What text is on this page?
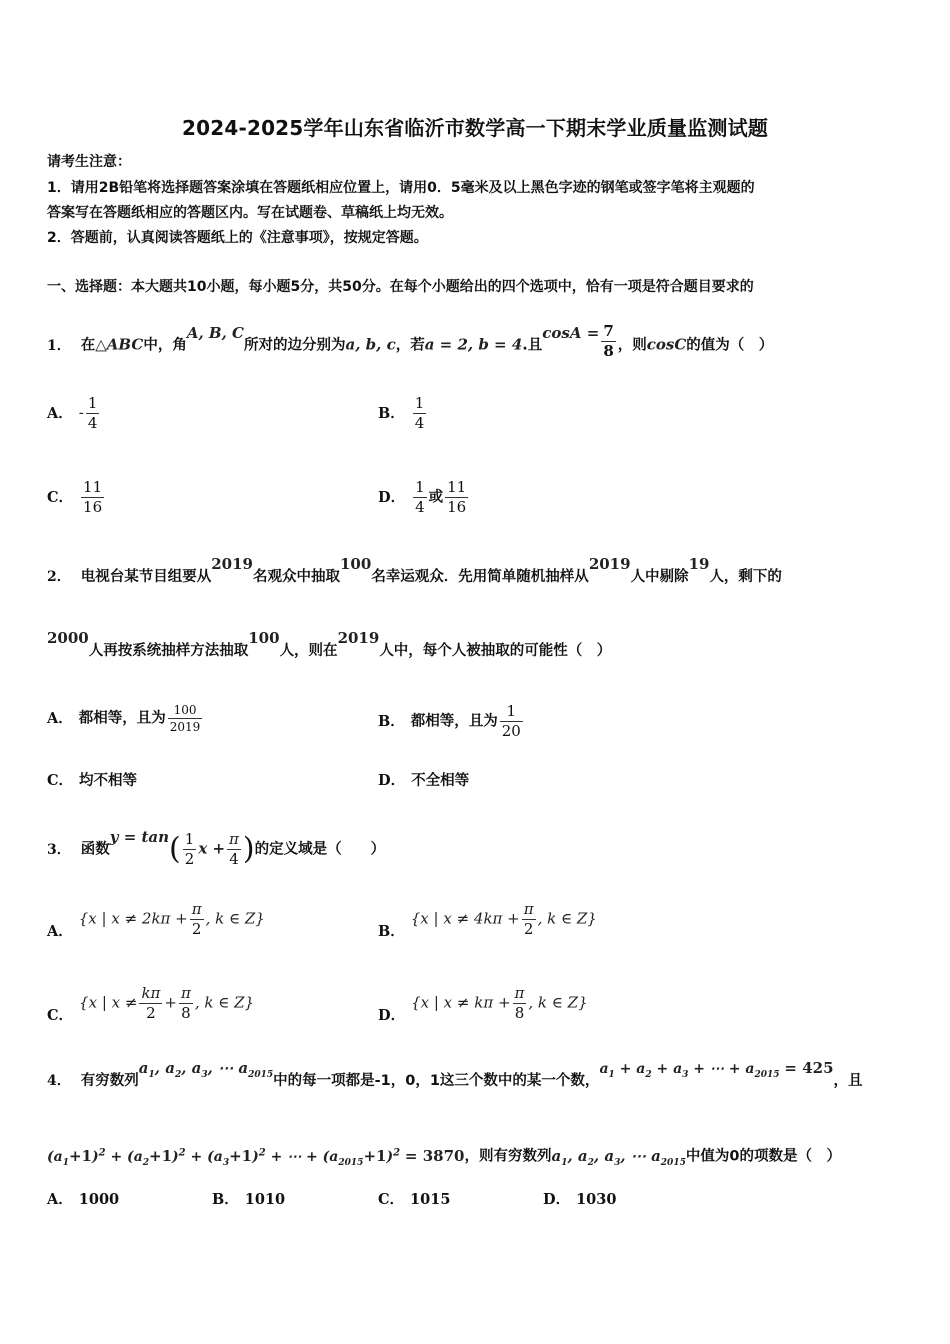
2024-2025学年山东省临沂市数学高一下期末学业质量监测试题
请考生注意：
1．请用2B铅笔将选择题答案涂填在答题纸相应位置上，请用0．5毫米及以上黑色字迹的钢笔或签字笔将主观题的
答案写在答题纸相应的答题区内。写在试题卷、草稿纸上均无效。
2．答题前，认真阅读答题纸上的《注意事项》，按规定答题。
一、选择题：本大题共10小题，每小题5分，共50分。在每个小题给出的四个选项中，恰有一项是符合题目要求的
1． 在△ABC中，角A, B, C所对的边分别为a, b, c，若a = 2, b = 4.且$\cos A = \frac{7}{8}$ ，则cosC的值为（　）
A． - $\frac{1}{4}$	B． $\frac{1}{4}$
C． $\frac{11}{16}$	D． $\frac{1}{4}$ 或 $\frac{11}{16}$
2． 电视台某节目组要从2019名观众中抽取100名幸运观众．先用简单随机抽样从2019人中剔除19人，剩下的
2000人再按系统抽样方法抽取100人，则在2019人中，每个人被抽取的可能性（　）
A． 都相等，且为 $\frac{100}{2019}$	B． 都相等，且为 $\frac{1}{20}$
C． 均不相等	D． 不全相等
3． 函数$y = \tan( \frac{1}{2}$ $x + \frac{\pi}{4}$ )的定义域是（　　）
A．{x | $x \ne 2k\pi + \frac{\pi}{2}$ , k ∈ Z}
B．{x | $x \ne 4k\pi + \frac{\pi}{2}$ , k ∈ Z}
C．{x | $x \ne \frac{k\pi}{2} + \frac{\pi}{8}$ , k ∈ Z}
D．{x | $x \ne k\pi + \frac{\pi}{8}$ , k ∈ Z}
4． 有穷数列$a_1$, $a_2$, $a_3$, ⋯ $a_{2015}$中的每一项都是-1，0，1这三个数中的某一个数，$a_1 + a_2 + a_3$ + ⋯ + $a_{2015} = 425$，且
$(a_1+1)^2 + (a_2+1)^2 + (a_3+1)^2$ + ⋯ + $(a_{2015}+1)^2 = 3870$，则有穷数列$a_1$, $a_2$, $a_3$, ⋯ $a_{2015}$中值为0的项数是（　）
A． 1000	B． 1010	C． 1015	D． 1030
